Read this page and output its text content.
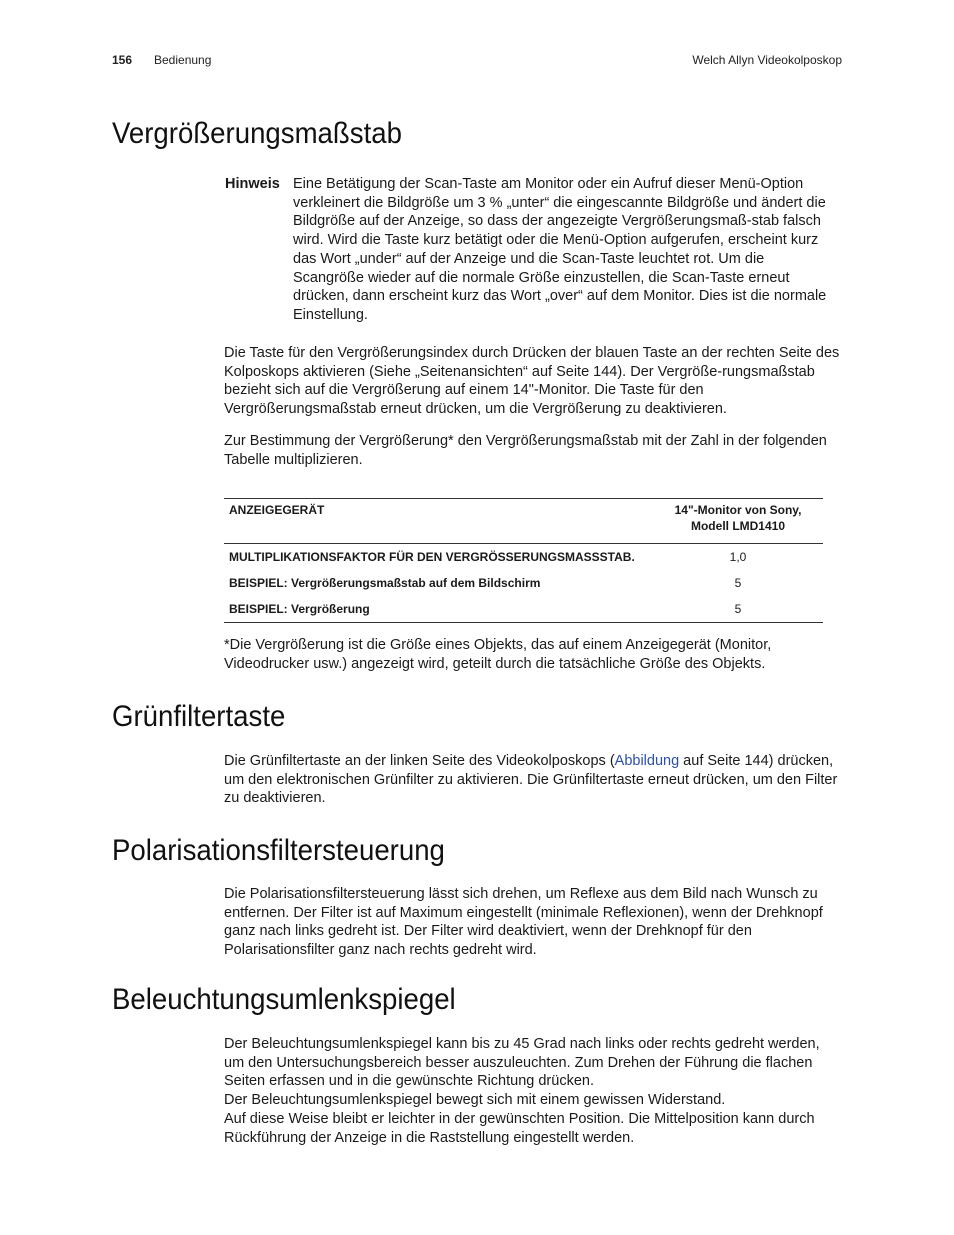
156 Bedienung	Welch Allyn Videokolposkop
Vergrößerungsmaßstab
Hinweis Eine Betätigung der Scan-Taste am Monitor oder ein Aufruf dieser Menü-Option verkleinert die Bildgröße um 3 % „unter“ die eingescannte Bildgröße und ändert die Bildgröße auf der Anzeige, so dass der angezeigte Vergrößerungsmaß-stab falsch wird. Wird die Taste kurz betätigt oder die Menü-Option aufgerufen, erscheint kurz das Wort „under“ auf der Anzeige und die Scan-Taste leuchtet rot. Um die Scangröße wieder auf die normale Größe einzustellen, die Scan-Taste erneut drücken, dann erscheint kurz das Wort „over“ auf dem Monitor. Dies ist die normale Einstellung.

Die Taste für den Vergrößerungsindex durch Drücken der blauen Taste an der rechten Seite des Kolposkops aktivieren (Siehe „Seitenansichten“ auf Seite 144). Der Vergröße-rungsmaßstab bezieht sich auf die Vergrößerung auf einem 14"-Monitor. Die Taste für den Vergrößerungsmaßstab erneut drücken, um die Vergrößerung zu deaktivieren.

Zur Bestimmung der Vergrößerung* den Vergrößerungsmaßstab mit der Zahl in der folgenden Tabelle multiplizieren.

ANZEIGEGERÄT	14"-Monitor von Sony,
Modell LMD1410
MULTIPLIKATIONSFAKTOR FÜR DEN VERGRÖSSERUNGSMASSSTAB.	1,0
BEISPIEL: Vergrößerungsmaßstab auf dem Bildschirm	5
BEISPIEL: Vergrößerung	5

*Die Vergrößerung ist die Größe eines Objekts, das auf einem Anzeigegerät (Monitor, Videodrucker usw.) angezeigt wird, geteilt durch die tatsächliche Größe des Objekts.

Grünfiltertaste

Die Grünfiltertaste an der linken Seite des Videokolposkops (Abbildung auf Seite 144) drücken, um den elektronischen Grünfilter zu aktivieren. Die Grünfiltertaste erneut drücken, um den Filter zu deaktivieren.

Polarisationsfiltersteuerung

Die Polarisationsfiltersteuerung lässt sich drehen, um Reflexe aus dem Bild nach Wunsch zu entfernen. Der Filter ist auf Maximum eingestellt (minimale Reflexionen), wenn der Drehknopf ganz nach links gedreht ist. Der Filter wird deaktiviert, wenn der Drehknopf für den Polarisationsfilter ganz nach rechts gedreht wird.

Beleuchtungsumlenkspiegel
Der Beleuchtungsumlenkspiegel kann bis zu 45 Grad nach links oder rechts gedreht werden, um den Untersuchungsbereich besser auszuleuchten. Zum Drehen der Führung die flachen Seiten erfassen und in die gewünschte Richtung drücken.
Der Beleuchtungsumlenkspiegel bewegt sich mit einem gewissen Widerstand.
Auf diese Weise bleibt er leichter in der gewünschten Position. Die Mittelposition kann durch Rückführung der Anzeige in die Raststellung eingestellt werden.
